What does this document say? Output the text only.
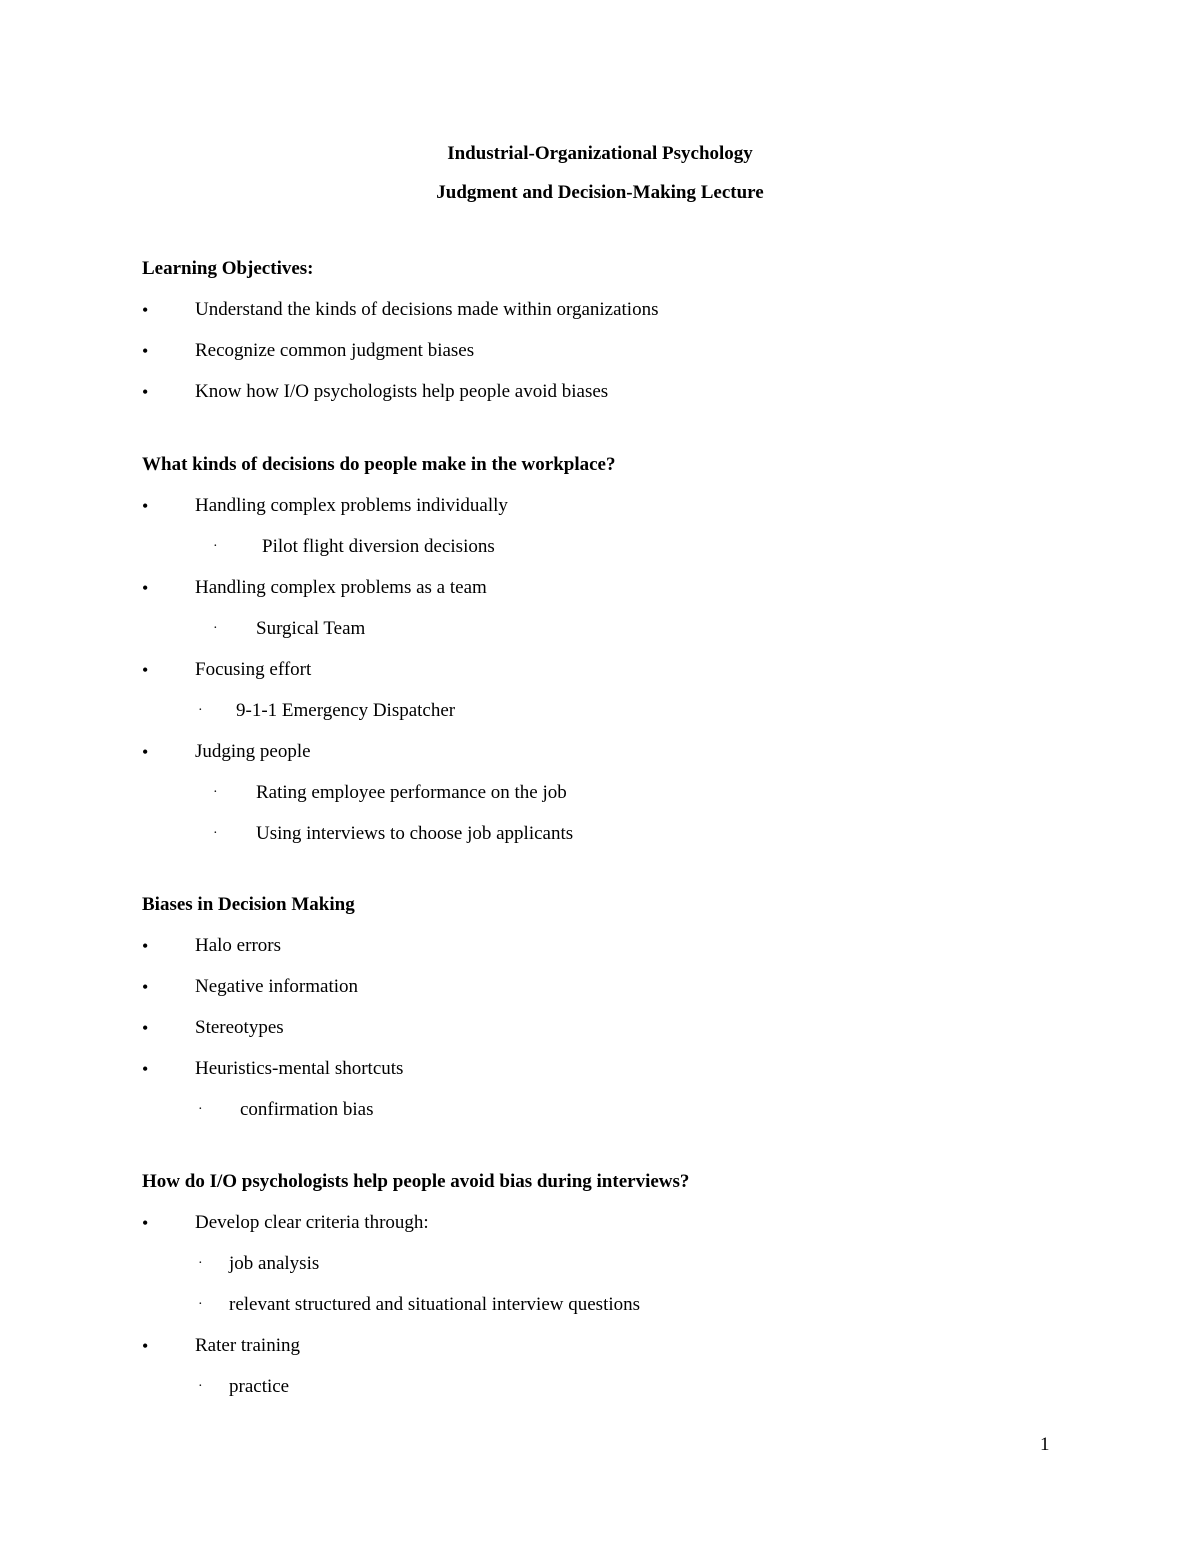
Industrial-Organizational Psychology
Judgment and Decision-Making Lecture

Learning Objectives:

• Understand the kinds of decisions made within organizations
• Recognize common judgment biases
• Know how I/O psychologists help people avoid biases

What kinds of decisions do people make in the workplace?

• Handling complex problems individually
· Pilot flight diversion decisions
• Handling complex problems as a team
· Surgical Team
• Focusing effort
· 9-1-1 Emergency Dispatcher
• Judging people
· Rating employee performance on the job
· Using interviews to choose job applicants

Biases in Decision Making

• Halo errors
• Negative information
• Stereotypes
• Heuristics-mental shortcuts
· confirmation bias

How do I/O psychologists help people avoid bias during interviews?

• Develop clear criteria through:
· job analysis
· relevant structured and situational interview questions
• Rater training
· practice
1
